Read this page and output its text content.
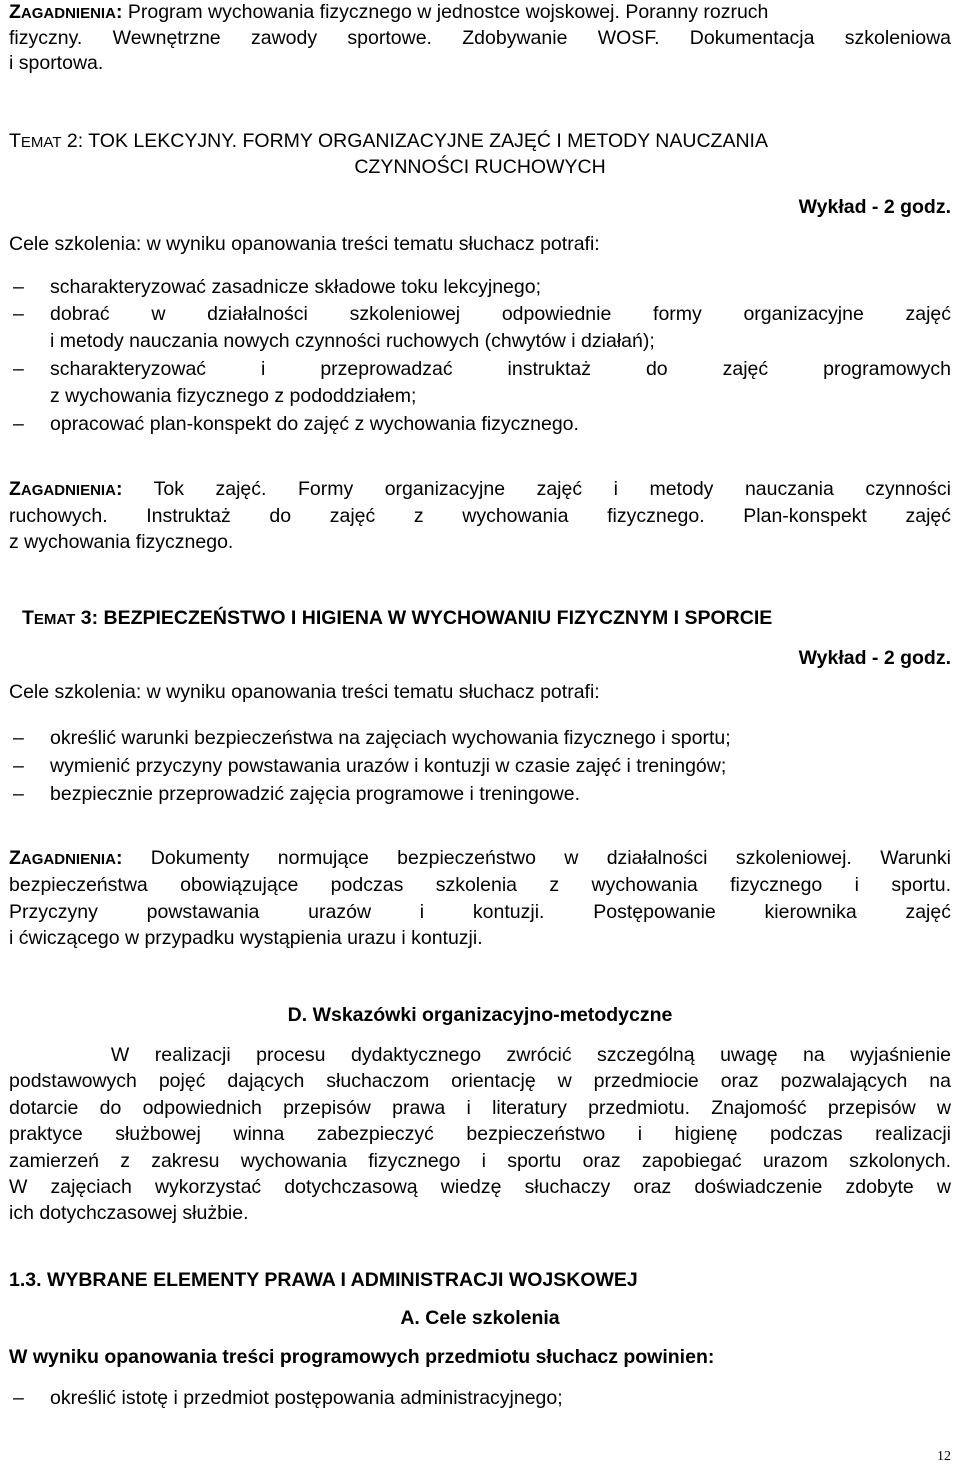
ZAGADNIENIA: Program wychowania fizycznego w jednostce wojskowej. Poranny rozruch
fizyczny. Wewnętrzne zawody sportowe. Zdobywanie WOSF. Dokumentacja szkoleniowa
i sportowa.
TEMAT 2: TOK LEKCYJNY. FORMY ORGANIZACYJNE ZAJĘĆ I METODY NAUCZANIA
CZYNNOŚCI RUCHOWYCH
Wykład - 2 godz.
Cele szkolenia: w wyniku opanowania treści tematu słuchacz potrafi:
– scharakteryzować zasadnicze składowe toku lekcyjnego;
– dobrać w działalności szkoleniowej odpowiednie formy organizacyjne zajęć
i metody nauczania nowych czynności ruchowych (chwytów i działań);
– scharakteryzować i przeprowadzać instruktaż do zajęć programowych
z wychowania fizycznego z pododdziałem;
– opracować plan-konspekt do zajęć z wychowania fizycznego.
ZAGADNIENIA: Tok zajęć. Formy organizacyjne zajęć i metody nauczania czynności
ruchowych. Instruktaż do zajęć z wychowania fizycznego. Plan-konspekt zajęć
z wychowania fizycznego.
TEMAT 3: BEZPIECZEŃSTWO I HIGIENA W WYCHOWANIU FIZYCZNYM I SPORCIE
Wykład - 2 godz.
Cele szkolenia: w wyniku opanowania treści tematu słuchacz potrafi:
– określić warunki bezpieczeństwa na zajęciach wychowania fizycznego i sportu;
– wymienić przyczyny powstawania urazów i kontuzji w czasie zajęć i treningów;
– bezpiecznie przeprowadzić zajęcia programowe i treningowe.
ZAGADNIENIA: Dokumenty normujące bezpieczeństwo w działalności szkoleniowej. Warunki
bezpieczeństwa obowiązujące podczas szkolenia z wychowania fizycznego i sportu.
Przyczyny powstawania urazów i kontuzji. Postępowanie kierownika zajęć
i ćwiczącego w przypadku wystąpienia urazu i kontuzji.
D. Wskazówki organizacyjno-metodyczne
W realizacji procesu dydaktycznego zwrócić szczególną uwagę na wyjaśnienie
podstawowych pojęć dających słuchaczom orientację w przedmiocie oraz pozwalających na
dotarcie do odpowiednich przepisów prawa i literatury przedmiotu. Znajomość przepisów w
praktyce służbowej winna zabezpieczyć bezpieczeństwo i higienę podczas realizacji
zamierzeń z zakresu wychowania fizycznego i sportu oraz zapobiegać urazom szkolonych.
W zajęciach wykorzystać dotychczasową wiedzę słuchaczy oraz doświadczenie zdobyte w
ich dotychczasowej służbie.
1.3. WYBRANE ELEMENTY PRAWA I ADMINISTRACJI WOJSKOWEJ
A. Cele szkolenia
W wyniku opanowania treści programowych przedmiotu słuchacz powinien:
– określić istotę i przedmiot postępowania administracyjnego;
12
